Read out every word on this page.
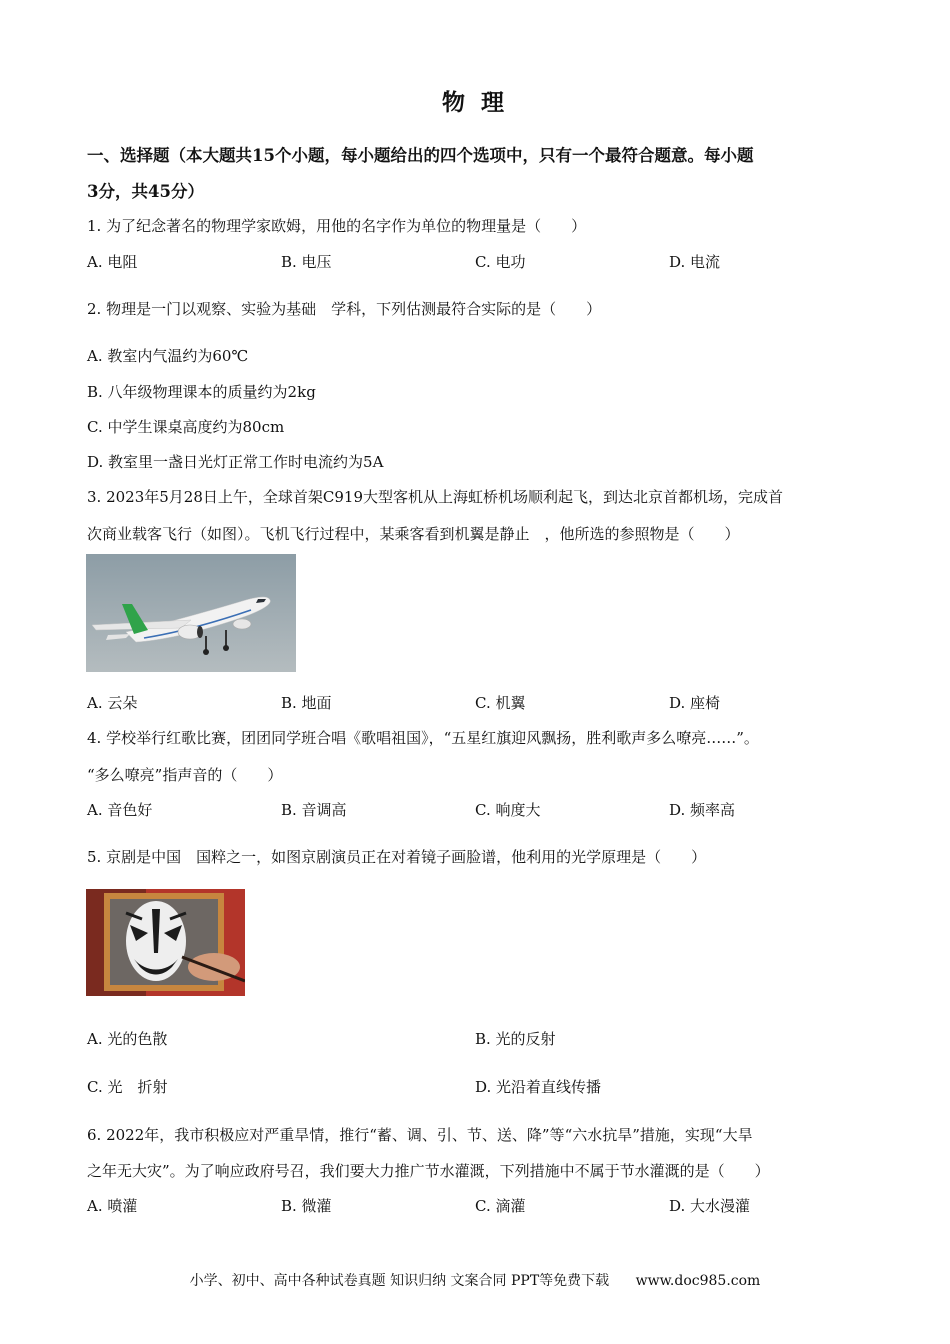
物 理
一、选择题（本大题共15个小题，每小题给出的四个选项中，只有一个最符合题意。每小题
3分，共45分）
1. 为了纪念著名的物理学家欧姆，用他的名字作为单位的物理量是（　　）
A. 电阻	B. 电压	C. 电功	D. 电流
2. 物理是一门以观察、实验为基础　学科，下列估测最符合实际的是（　　）
A. 教室内气温约为60℃
B. 八年级物理课本的质量约为2kg
C. 中学生课桌高度约为80cm
D. 教室里一盏日光灯正常工作时电流约为5A
3. 2023年5月28日上午，全球首架C919大型客机从上海虹桥机场顺利起飞，到达北京首都机场，完成首
次商业载客飞行（如图）。飞机飞行过程中，某乘客看到机翼是静止　，他所选的参照物是（　　）
A. 云朵	B. 地面	C. 机翼	D. 座椅
4. 学校举行红歌比赛，团团同学班合唱《歌唱祖国》，“五星红旗迎风飘扬，胜利歌声多么嘹亮……”。
“多么嘹亮”指声音的（　　）
A. 音色好	B. 音调高	C. 响度大	D. 频率高
5. 京剧是中国　国粹之一，如图京剧演员正在对着镜子画脸谱，他利用的光学原理是（　　）
A. 光的色散	B. 光的反射
C. 光　折射	D. 光沿着直线传播
6. 2022年，我市积极应对严重旱情，推行“蓄、调、引、节、送、降”等“六水抗旱”措施，实现“大旱
之年无大灾”。为了响应政府号召，我们要大力推广节水灌溉，下列措施中不属于节水灌溉的是（　　）
A. 喷灌	B. 微灌	C. 滴灌	D. 大水漫灌
小学、初中、高中各种试卷真题 知识归纳 文案合同 PPT等免费下载 www.doc985.com
